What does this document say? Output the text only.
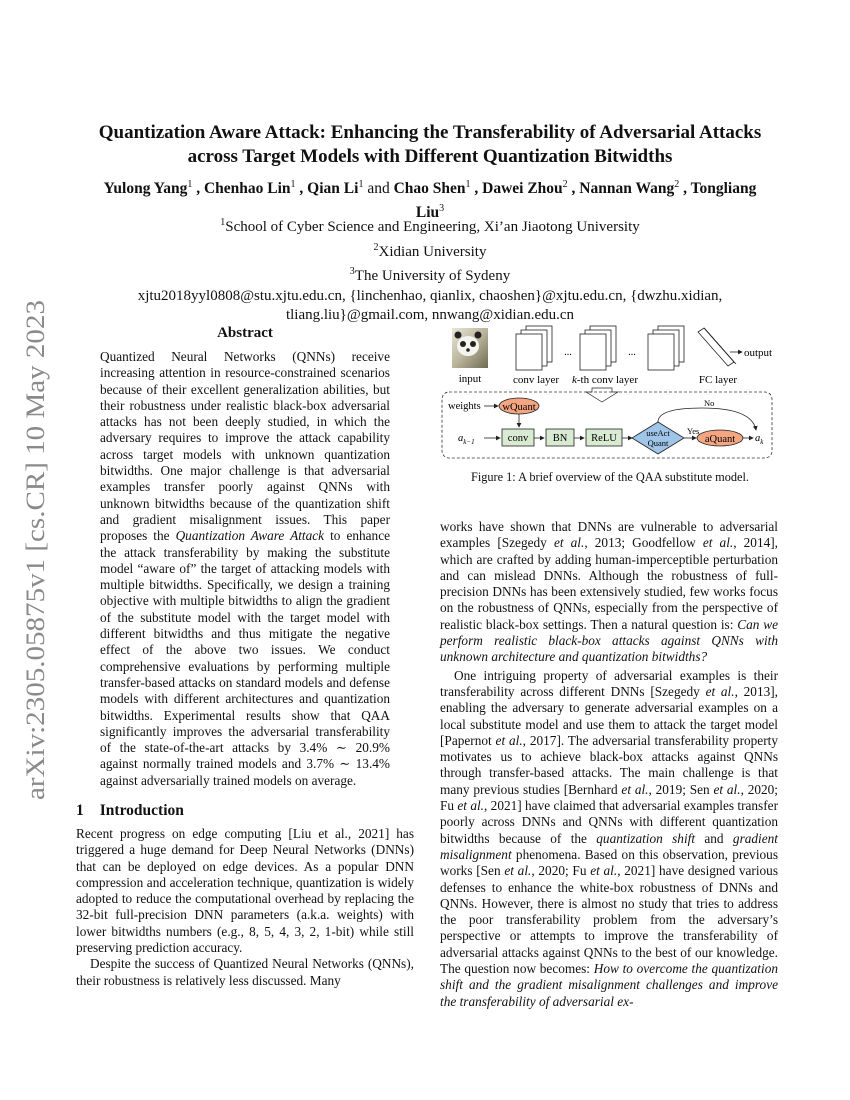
arXiv:2305.05875v1 [cs.CR] 10 May 2023
Quantization Aware Attack: Enhancing the Transferability of Adversarial Attacks
across Target Models with Different Quantization Bitwidths
Yulong Yang$^1$ , Chenhao Lin$^1$ , Qian Li$^1$ and Chao Shen$^1$ , Dawei Zhou$^2$ , Nannan Wang$^2$ , Tongliang Liu$^3$
$^1$School of Cyber Science and Engineering, Xi’an Jiaotong University
$^2$Xidian University
$^3$The University of Sydeny
xjtu2018yyl0808@stu.xjtu.edu.cn, {linchenhao, qianlix, chaoshen}@xjtu.edu.cn, {dwzhu.xidian,
tliang.liu}@gmail.com, nnwang@xidian.edu.cn
Abstract
Quantized Neural Networks (QNNs) receive increasing attention in resource-constrained scenarios because of their excellent generalization abilities, but their robustness under realistic black-box adversarial attacks has not been deeply studied, in which the adversary requires to improve the attack capability across target models with unknown quantization bitwidths. One major challenge is that adversarial examples transfer poorly against QNNs with unknown bitwidths because of the quantization shift and gradient misalignment issues. This paper proposes the Quantization Aware Attack to enhance the attack transferability by making the substitute model “aware of” the target of attacking models with multiple bitwidths. Specifically, we design a training objective with multiple bitwidths to align the gradient of the substitute model with the target model with different bitwidths and thus mitigate the negative effect of the above two issues. We conduct comprehensive evaluations by performing multiple transfer-based attacks on standard models and defense models with different architectures and quantization bitwidths. Experimental results show that QAA significantly improves the adversarial transferability of the state-of-the-art attacks by 3.4% ∼ 20.9% against normally trained models and 3.7% ∼ 13.4% against adversarially trained models on average.
1 Introduction

Recent progress on edge computing [Liu et al., 2021] has triggered a huge demand for Deep Neural Networks (DNNs) that can be deployed on edge devices. As a popular DNN compression and acceleration technique, quantization is widely adopted to reduce the computational overhead by replacing the 32-bit full-precision DNN parameters (a.k.a. weights) with lower bitwidths numbers (e.g., 8, 5, 4, 3, 2, 1-bit) while still preserving prediction accuracy.

Despite the success of Quantized Neural Networks (QNNs), their robustness is relatively less discussed. Many

input	conv layer
...
k-th conv layer
...
FC layer
output
weights wQuant
$a_{k-1}$	conv BN ReLU	useAct
Quant
Yes
aQuant $a_k$
No
Figure 1: A brief overview of the QAA substitute model.

works have shown that DNNs are vulnerable to adversarial examples [Szegedy et al., 2013; Goodfellow et al., 2014], which are crafted by adding human-imperceptible perturbation and can mislead DNNs. Although the robustness of full-precision DNNs has been extensively studied, few works focus on the robustness of QNNs, especially from the perspective of realistic black-box settings. Then a natural question is: Can we perform realistic black-box attacks against QNNs with unknown architecture and quantization bitwidths?

One intriguing property of adversarial examples is their transferability across different DNNs [Szegedy et al., 2013], enabling the adversary to generate adversarial examples on a local substitute model and use them to attack the target model [Papernot et al., 2017]. The adversarial transferability property motivates us to achieve black-box attacks against QNNs through transfer-based attacks. The main challenge is that many previous studies [Bernhard et al., 2019; Sen et al., 2020; Fu et al., 2021] have claimed that adversarial examples transfer poorly across DNNs and QNNs with different quantization bitwidths because of the quantization shift and gradient misalignment phenomena. Based on this observation, previous works [Sen et al., 2020; Fu et al., 2021] have designed various defenses to enhance the white-box robustness of DNNs and QNNs. However, there is almost no study that tries to address the poor transferability problem from the adversary’s perspective or attempts to improve the transferability of adversarial attacks against QNNs to the best of our knowledge. The question now becomes: How to overcome the quantization shift and the gradient misalignment challenges and improve the transferability of adversarial ex-
